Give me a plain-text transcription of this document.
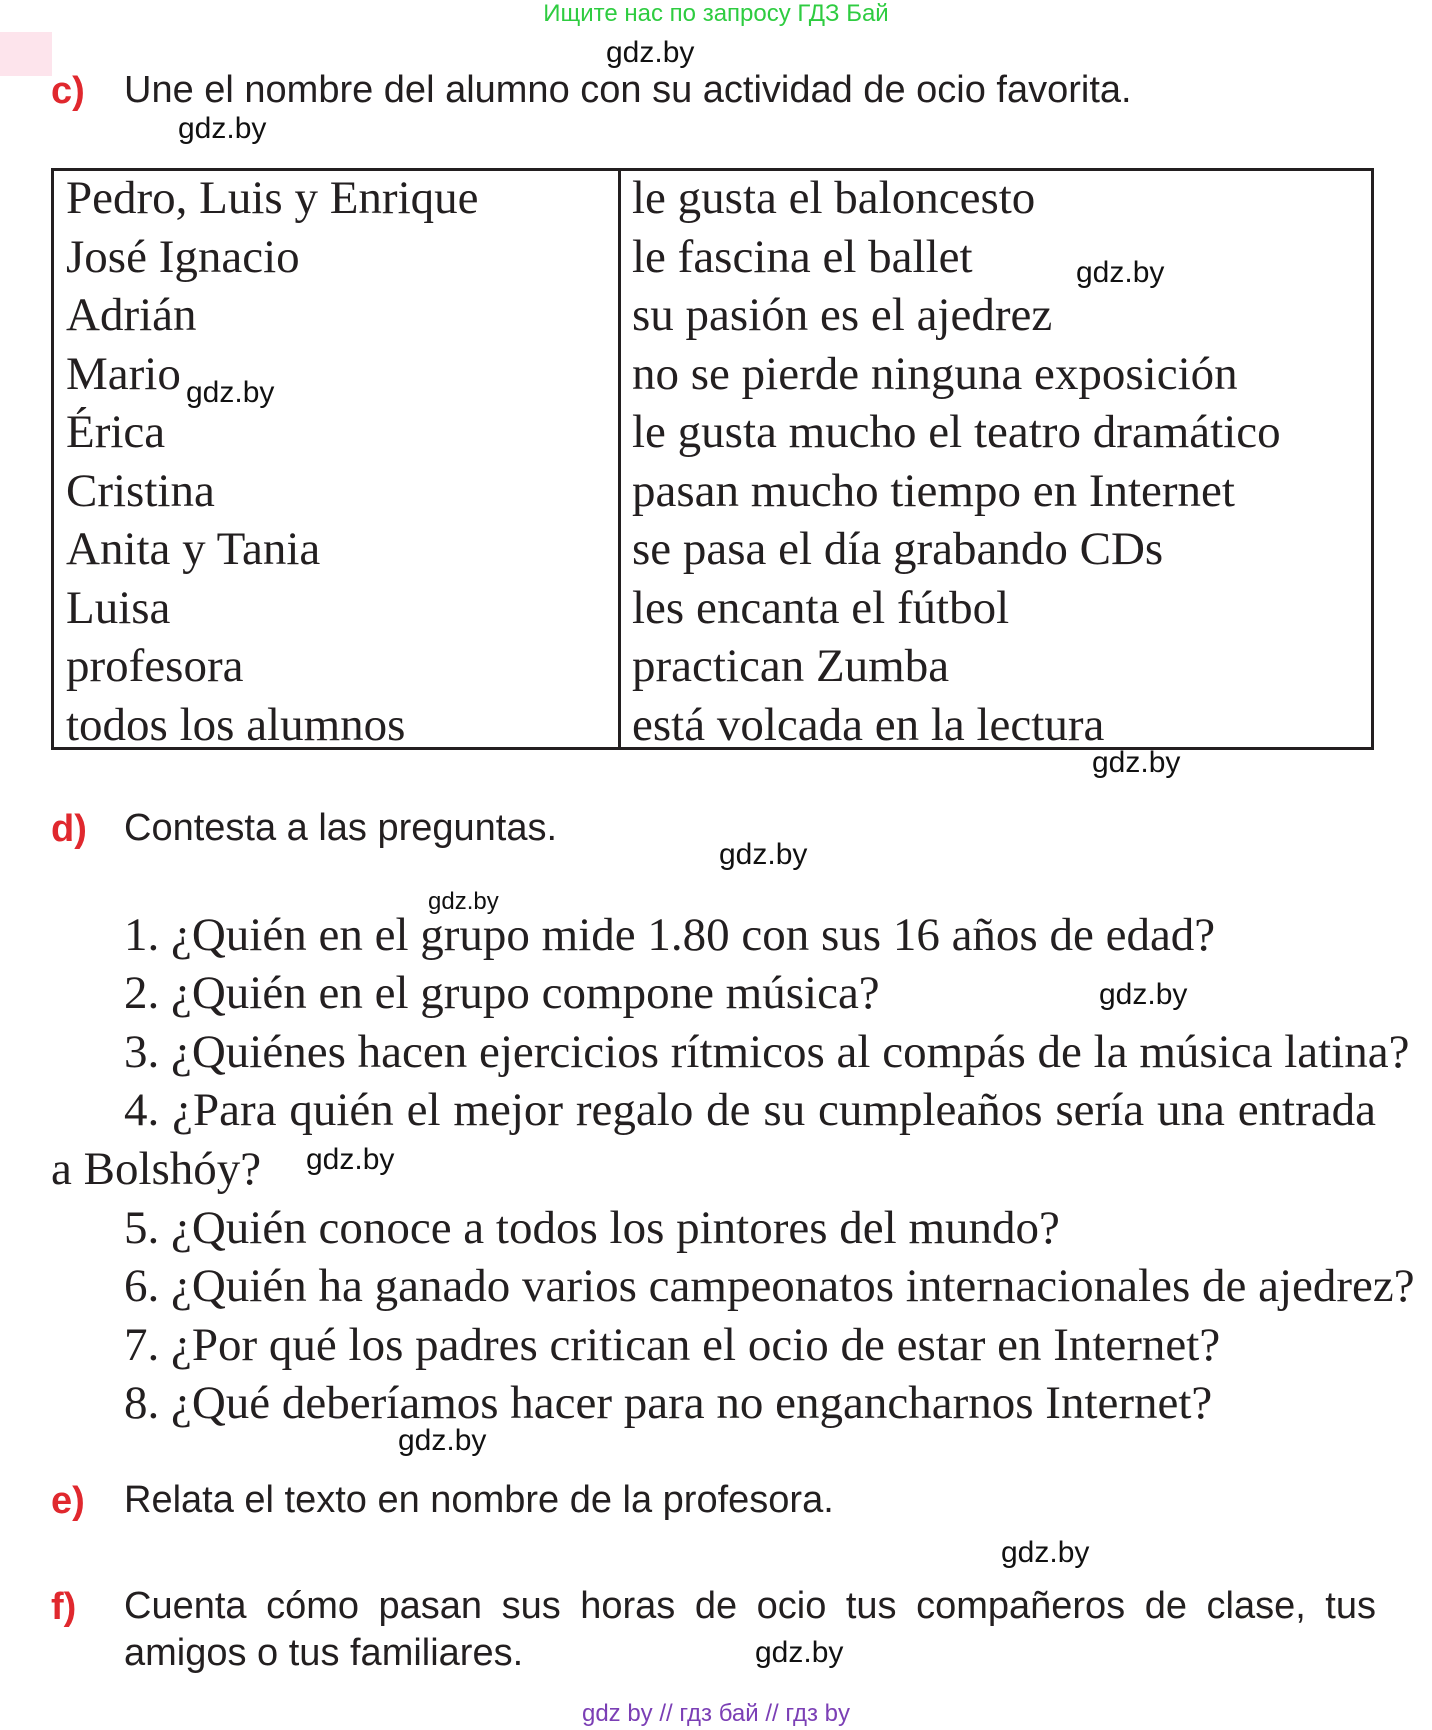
Ищите нас по запросу ГДЗ Бай
gdz.by
gdz.by
gdz.by
gdz.by
gdz.by
gdz.by
gdz.by
gdz.by
gdz.by
gdz.by
gdz.by
gdz.by
c) Une el nombre del alumno con su actividad de ocio favorita.
Pedro, Luis y Enrique
José Ignacio
Adrián
Mario
Érica
Cristina
Anita y Tania
Luisa
profesora
todos los alumnos
le gusta el baloncesto
le fascina el ballet
su pasión es el ajedrez
no se pierde ninguna exposición
le gusta mucho el teatro dramático
pasan mucho tiempo en Internet
se pasa el día grabando CDs
les encanta el fútbol
practican Zumba
está volcada en la lectura
d) Contesta a las preguntas.
1. ¿Quién en el grupo mide 1.80 con sus 16 años de edad?
2. ¿Quién en el grupo compone música?
3. ¿Quiénes hacen ejercicios rítmicos al compás de la música latina?
4. ¿Para quién el mejor regalo de su cumpleaños sería una entrada
a Bolshóy?
5. ¿Quién conoce a todos los pintores del mundo?
6. ¿Quién ha ganado varios campeonatos internacionales de ajedrez?
7. ¿Por qué los padres critican el ocio de estar en Internet?
8. ¿Qué deberíamos hacer para no engancharnos Internet?
e) Relata el texto en nombre de la profesora.
f) Cuenta cómo pasan sus horas de ocio tus compañeros de clase, tus
amigos o tus familiares.
gdz by // гдз бай // гдз by
